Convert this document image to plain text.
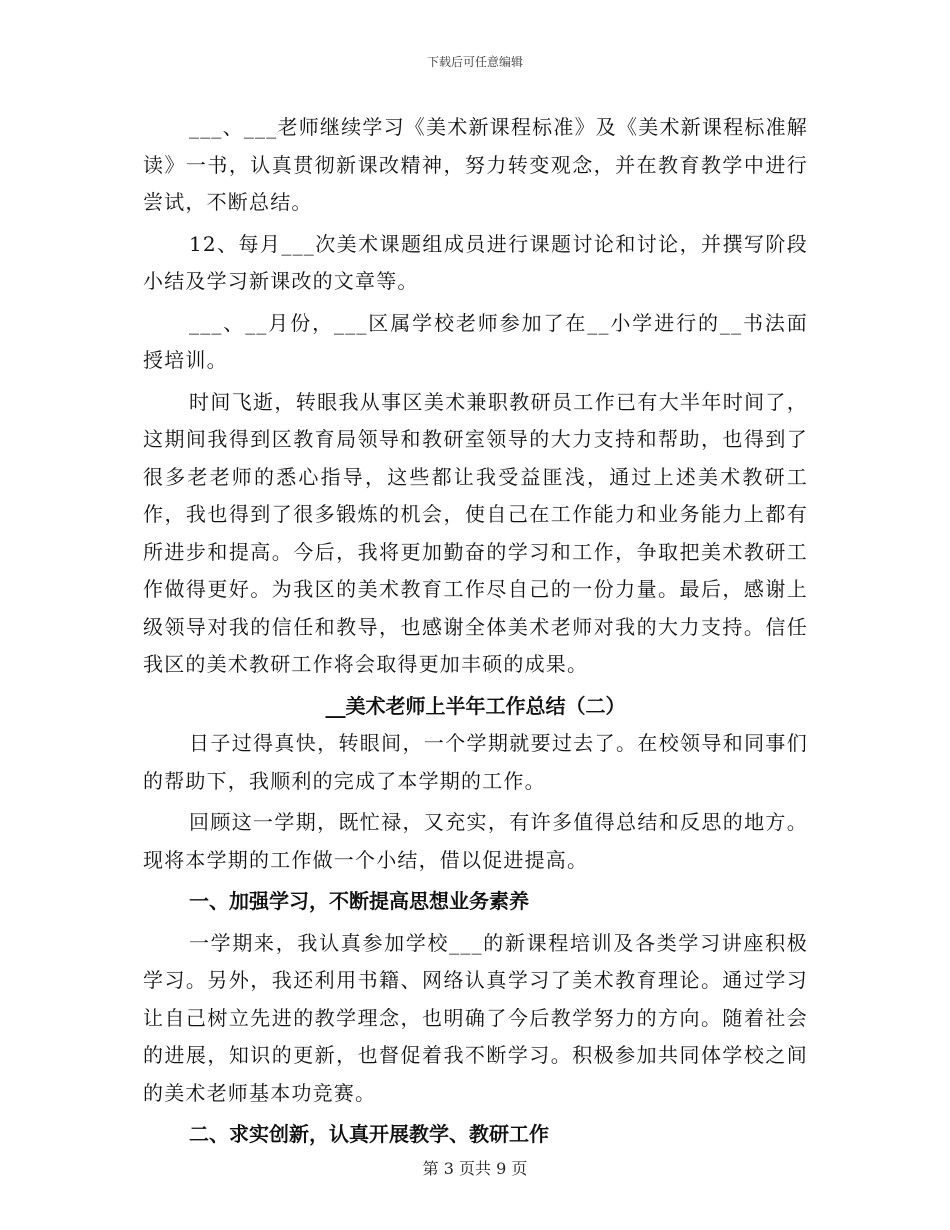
下载后可任意编辑

___、___老师继续学习《美术新课程标准》及《美术新课程标准解读》一书，认真贯彻新课改精神，努力转变观念，并在教育教学中进行尝试，不断总结。

12、每月___次美术课题组成员进行课题讨论和讨论，并撰写阶段小结及学习新课改的文章等。

___、__月份，___区属学校老师参加了在__小学进行的__书法面授培训。

时间飞逝，转眼我从事区美术兼职教研员工作已有大半年时间了，这期间我得到区教育局领导和教研室领导的大力支持和帮助，也得到了很多老老师的悉心指导，这些都让我受益匪浅，通过上述美术教研工作，我也得到了很多锻炼的机会，使自己在工作能力和业务能力上都有所进步和提高。今后，我将更加勤奋的学习和工作，争取把美术教研工作做得更好。为我区的美术教育工作尽自己的一份力量。最后，感谢上级领导对我的信任和教导，也感谢全体美术老师对我的大力支持。信任我区的美术教研工作将会取得更加丰硕的成果。

__美术老师上半年工作总结（二）

日子过得真快，转眼间，一个学期就要过去了。在校领导和同事们的帮助下，我顺利的完成了本学期的工作。

回顾这一学期，既忙禄，又充实，有许多值得总结和反思的地方。现将本学期的工作做一个小结，借以促进提高。

一、加强学习，不断提高思想业务素养

一学期来，我认真参加学校___的新课程培训及各类学习讲座积极学习。另外，我还利用书籍、网络认真学习了美术教育理论。通过学习让自己树立先进的教学理念，也明确了今后教学努力的方向。随着社会的进展，知识的更新，也督促着我不断学习。积极参加共同体学校之间的美术老师基本功竞赛。

二、求实创新，认真开展教学、教研工作

第 3 页共 9 页
